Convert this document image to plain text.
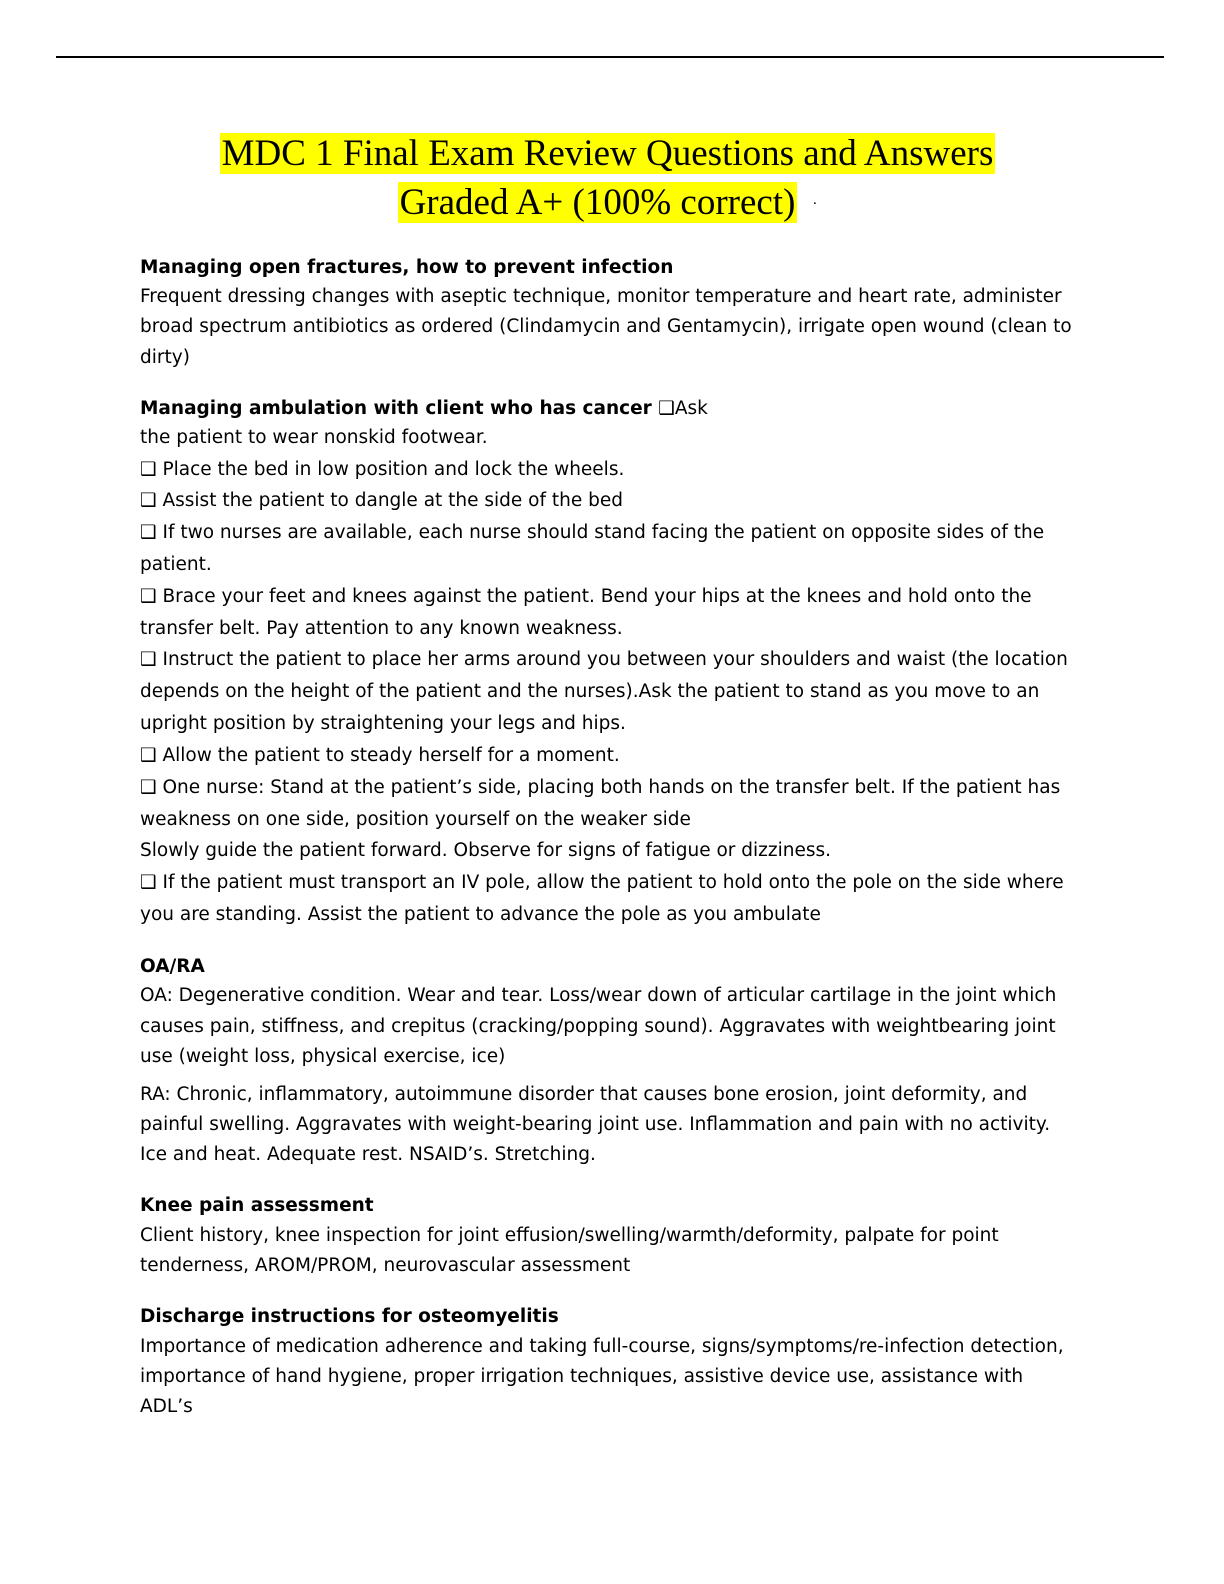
MDC 1 Final Exam Review Questions and Answers
Graded A+ (100% correct) ·

Managing open fractures, how to prevent infection

Frequent dressing changes with aseptic technique, monitor temperature and heart rate, administer broad spectrum antibiotics as ordered (Clindamycin and Gentamycin), irrigate open wound (clean to dirty)

Managing ambulation with client who has cancer ❑Ask

the patient to wear nonskid footwear.

❑ Place the bed in low position and lock the wheels.

❑ Assist the patient to dangle at the side of the bed

❑ If two nurses are available, each nurse should stand facing the patient on opposite sides of the patient.

❑ Brace your feet and knees against the patient. Bend your hips at the knees and hold onto the transfer belt. Pay attention to any known weakness.

❑ Instruct the patient to place her arms around you between your shoulders and waist (the location depends on the height of the patient and the nurses).Ask the patient to stand as you move to an upright position by straightening your legs and hips.

❑ Allow the patient to steady herself for a moment.

❑ One nurse: Stand at the patient’s side, placing both hands on the transfer belt. If the patient has weakness on one side, position yourself on the weaker side

Slowly guide the patient forward. Observe for signs of fatigue or dizziness.

❑ If the patient must transport an IV pole, allow the patient to hold onto the pole on the side where you are standing. Assist the patient to advance the pole as you ambulate

OA/RA

OA: Degenerative condition. Wear and tear. Loss/wear down of articular cartilage in the joint which causes pain, stiffness, and crepitus (cracking/popping sound). Aggravates with weightbearing joint use (weight loss, physical exercise, ice)

RA: Chronic, inflammatory, autoimmune disorder that causes bone erosion, joint deformity, and painful swelling. Aggravates with weight-bearing joint use. Inflammation and pain with no activity. Ice and heat. Adequate rest. NSAID’s. Stretching.

Knee pain assessment

Client history, knee inspection for joint effusion/swelling/warmth/deformity, palpate for point tenderness, AROM/PROM, neurovascular assessment

Discharge instructions for osteomyelitis

Importance of medication adherence and taking full-course, signs/symptoms/re-infection detection, importance of hand hygiene, proper irrigation techniques, assistive device use, assistance with ADL’s
